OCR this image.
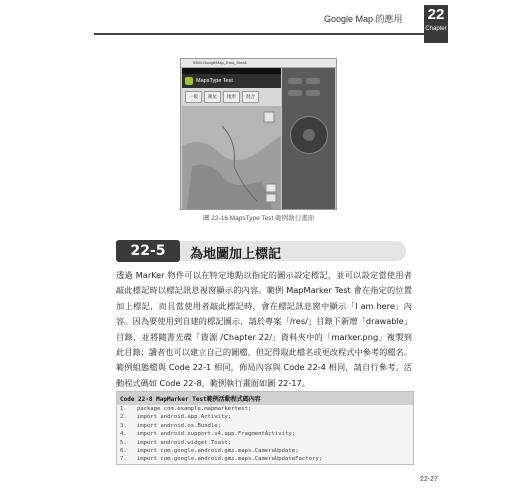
Google Map 的應用 22
Chapter
5554:GoogleMap_Emu_Small
MapsType Test
一般	衛星	地形	混合
圖 22-16 MapsType Test 範例執行畫面
22-5	為地圖加上標記
透過 MarKer 物件可以在特定地點以指定的圖示設定標記，並可以設定當使用者敲此標記時以標記訊息視窗顯示的內容。範例 MapMarker Test 會在指定的位置加上標記，而且當使用者敲此標記時，會在標記訊息窗中顯示「I am here」內容。因為要使用到自建的標記圖示，請於專案「/res/」目錄下新增「drawable」目錄，並將隨書光碟「資源 /Chapter 22/」資料夾中的「marker.png」複製到此目錄；讀者也可以建立自己的圖檔，但記得取此檔名或更改程式中參考的檔名。範例組態檔與 Code 22-1 相同，佈局內容與 Code 22-4 相同，請自行參考。活動程式碼如 Code 22-8，範例執行畫面如圖 22-17。
Code 22-8 MapMarker Test範例活動程式碼內容
1.   package com.example.mapmarkertest;
2.   import android.app.Activity;
3.   import android.os.Bundle;
4.   import android.support.v4.app.FragmentActivity;
5.   import android.widget.Toast;
6.   import com.google.android.gms.maps.CameraUpdate;
7.   import com.google.android.gms.maps.CameraUpdateFactory;
22-27
